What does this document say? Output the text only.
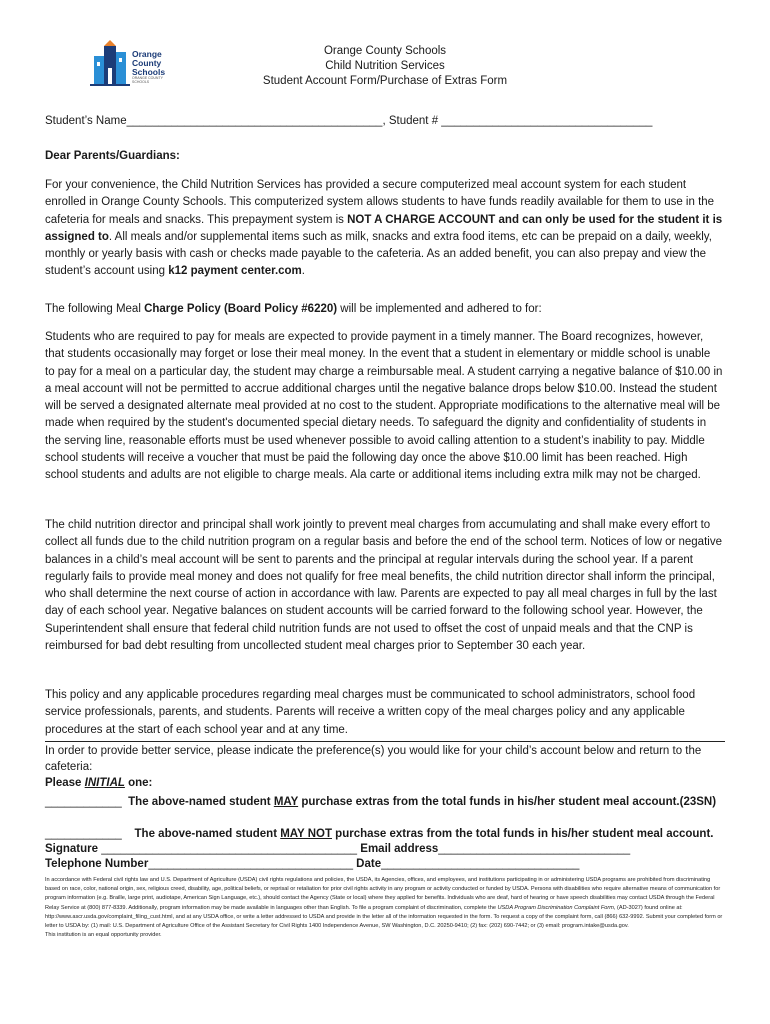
Orange
County
Schools
ORANGE COUNTY SCHOOLS
Orange County Schools
Child Nutrition Services
Student Account Form/Purchase of Extras Form
Student’s Name________________________________________, Student # _________________________________
Dear Parents/Guardians:
For your convenience, the Child Nutrition Services has provided a secure computerized meal account system for each student enrolled in Orange County Schools. This computerized system allows students to have funds readily available for them to use in the cafeteria for meals and snacks. This prepayment system is NOT A CHARGE ACCOUNT and can only be used for the student it is assigned to. All meals and/or supplemental items such as milk, snacks and extra food items, etc can be prepaid on a daily, weekly, monthly or yearly basis with cash or checks made payable to the cafeteria. As an added benefit, you can also prepay and view the student’s account using k12 payment center.com.
The following Meal Charge Policy (Board Policy #6220) will be implemented and adhered to for:
Students who are required to pay for meals are expected to provide payment in a timely manner. The Board recognizes, however, that students occasionally may forget or lose their meal money. In the event that a student in elementary or middle school is unable to pay for a meal on a particular day, the student may charge a reimbursable meal. A student carrying a negative balance of $10.00 in a meal account will not be permitted to accrue additional charges until the negative balance drops below $10.00. Instead the student will be served a designated alternate meal provided at no cost to the student. Appropriate modifications to the alternative meal will be made when required by the student's documented special dietary needs. To safeguard the dignity and confidentiality of students in the serving line, reasonable efforts must be used whenever possible to avoid calling attention to a student’s inability to pay. Middle school students will receive a voucher that must be paid the following day once the above $10.00 limit has been reached. High school students and adults are not eligible to charge meals. Ala carte or additional items including extra milk may not be charged.
The child nutrition director and principal shall work jointly to prevent meal charges from accumulating and shall make every effort to collect all funds due to the child nutrition program on a regular basis and before the end of the school term. Notices of low or negative balances in a child’s meal account will be sent to parents and the principal at regular intervals during the school year. If a parent regularly fails to provide meal money and does not qualify for free meal benefits, the child nutrition director shall inform the principal, who shall determine the next course of action in accordance with law. Parents are expected to pay all meal charges in full by the last day of each school year. Negative balances on student accounts will be carried forward to the following school year. However, the Superintendent shall ensure that federal child nutrition funds are not used to offset the cost of unpaid meals and that the CNP is reimbursed for bad debt resulting from uncollected student meal charges prior to September 30 each year.
This policy and any applicable procedures regarding meal charges must be communicated to school administrators, school food service professionals, parents, and students. Parents will receive a written copy of the meal charges policy and any applicable procedures at the start of each school year and at any time.
In order to provide better service, please indicate the preference(s) you would like for your child’s account below and return to the cafeteria:
Please INITIAL one:
____________  The above-named student MAY purchase extras from the total funds in his/her student meal account.(23SN)
____________    The above-named student MAY NOT purchase extras from the total funds in his/her student meal account.
Signature ________________________________________ Email address______________________________
Telephone Number________________________________ Date_______________________________
In accordance with Federal civil rights law and U.S. Department of Agriculture (USDA) civil rights regulations and policies, the USDA, its Agencies, offices, and employees, and institutions participating in or administering USDA programs are prohibited from discriminating based on race, color, national origin, sex, religious creed, disability, age, political beliefs, or reprisal or retaliation for prior civil rights activity in any program or activity conducted or funded by USDA. Persons with disabilities who require alternative means of communication for program information (e.g. Braille, large print, audiotape, American Sign Language, etc.), should contact the Agency (State or local) where they applied for benefits. Individuals who are deaf, hard of hearing or have speech disabilities may contact USDA through the Federal Relay Service at (800) 877-8339. Additionally, program information may be made available in languages other than English. To file a program complaint of discrimination, complete the USDA Program Discrimination Complaint Form, (AD-3027) found online at: http://www.ascr.usda.gov/complaint_filing_cust.html, and at any USDA office, or write a letter addressed to USDA and provide in the letter all of the information requested in the form. To request a copy of the complaint form, call (866) 632-9992. Submit your completed form or letter to USDA by: (1) mail: U.S. Department of Agriculture Office of the Assistant Secretary for Civil Rights 1400 Independence Avenue, SW Washington, D.C. 20250-9410; (2) fax: (202) 690-7442; or (3) email: program.intake@usda.gov.
This institution is an equal opportunity provider.
